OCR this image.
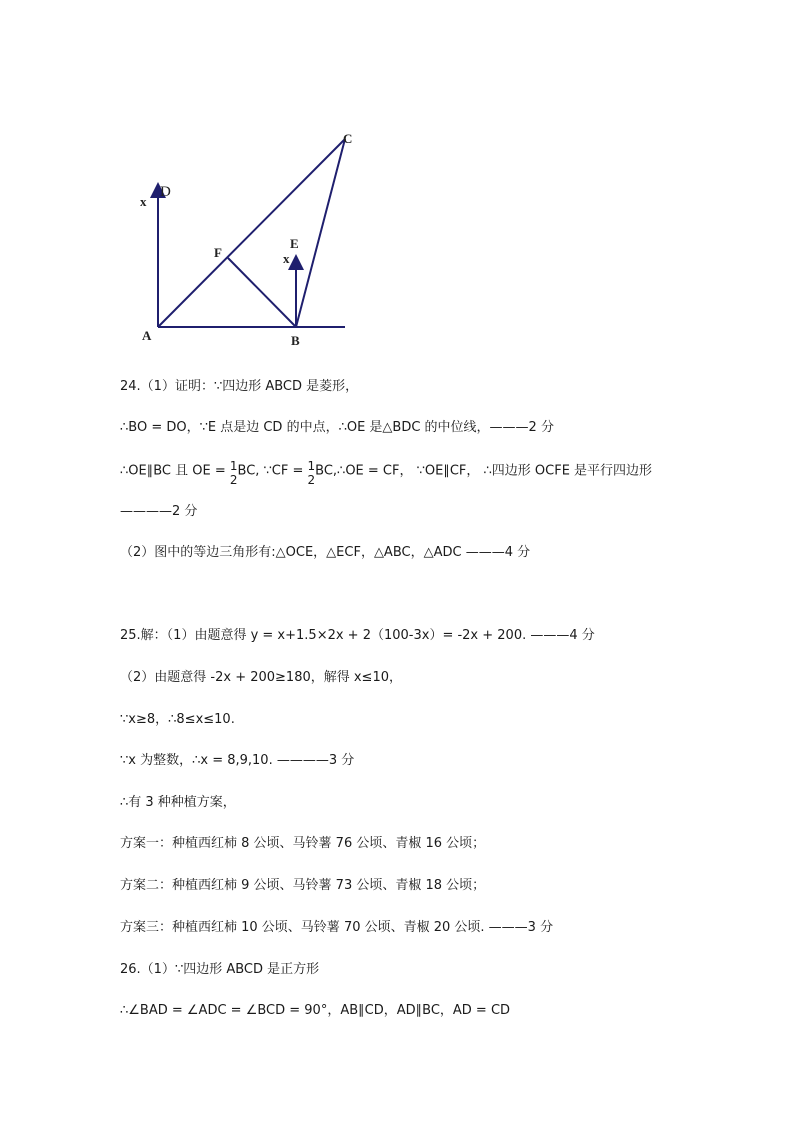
A	B
C
D
E
F
x
x
24.（1）证明：∵四边形 ABCD 是菱形，
∴BO = DO，∵E 点是边 CD 的中点，∴OE 是△BDC 的中位线，———2 分
∴OE∥BC 且 OE = 1
2
BC, ∵CF = 1
2
BC,∴OE = CF， ∵OE∥CF， ∴四边形 OCFE 是平行四边形
————2 分
（2）图中的等边三角形有:△OCE，△ECF，△ABC，△ADC ———4 分
25.解：（1）由题意得 y = x+1.5×2x + 2（100-3x）= -2x + 200. ———4 分
（2）由题意得 -2x + 200≥180，解得 x≤10，
∵x≥8，∴8≤x≤10.
∵x 为整数，∴x = 8,9,10. ————3 分
∴有 3 种种植方案，
方案一：种植西红柿 8 公顷、马铃薯 76 公顷、青椒 16 公顷；
方案二：种植西红柿 9 公顷、马铃薯 73 公顷、青椒 18 公顷；
方案三：种植西红柿 10 公顷、马铃薯 70 公顷、青椒 20 公顷. ———3 分
26.（1）∵四边形 ABCD 是正方形
∴∠BAD = ∠ADC = ∠BCD = 90°，AB∥CD，AD∥BC，AD = CD
